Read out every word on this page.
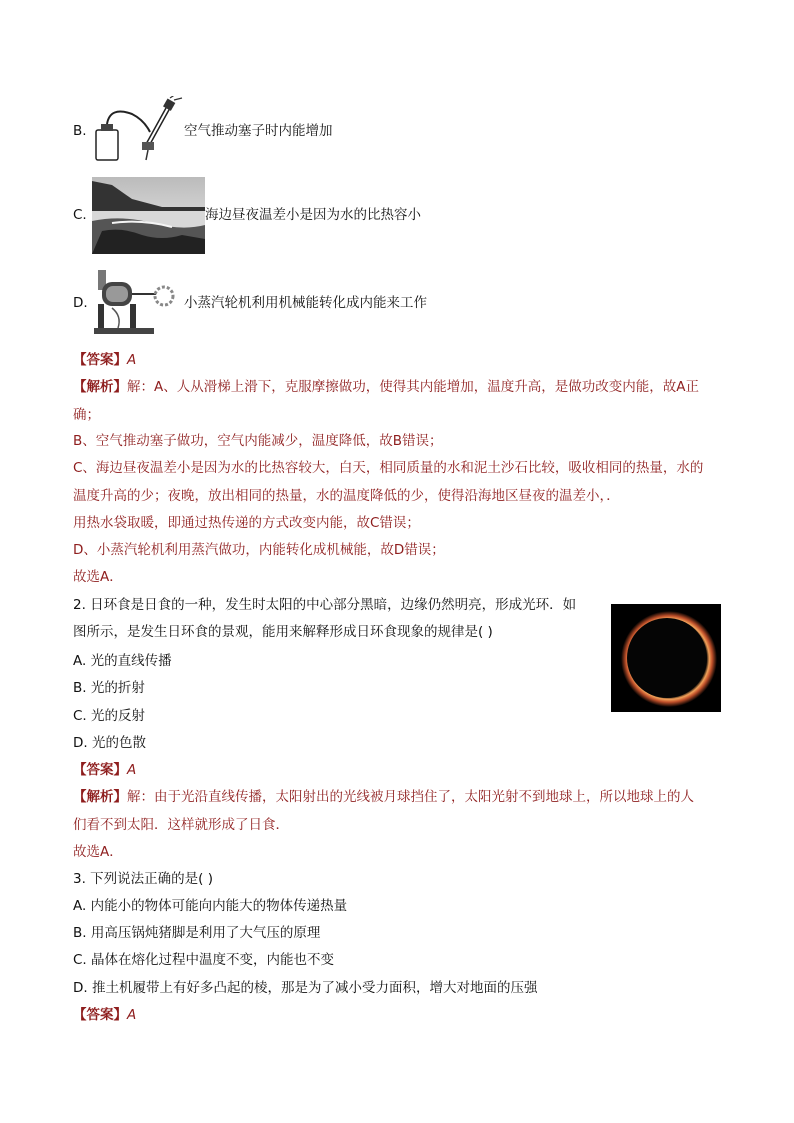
B.	空气推动塞子时内能增加
C.	海边昼夜温差小是因为水的比热容小
D.	小蒸汽轮机利用机械能转化成内能来工作
【答案】A
【解析】解：A、人从滑梯上滑下，克服摩擦做功，使得其内能增加，温度升高，是做功改变内能，故A正
确；
B、空气推动塞子做功，空气内能减少，温度降低，故B错误；
C、海边昼夜温差小是因为水的比热容较大，白天，相同质量的水和泥土沙石比较，吸收相同的热量，水的
温度升高的少；夜晚，放出相同的热量，水的温度降低的少，使得沿海地区昼夜的温差小，．
用热水袋取暖，即通过热传递的方式改变内能，故C错误；
D、小蒸汽轮机利用蒸汽做功，内能转化成机械能，故D错误；
故选A．
2. 日环食是日食的一种，发生时太阳的中心部分黑暗，边缘仍然明亮，形成光环．如
图所示，是发生日环食的景观，能用来解释形成日环食现象的规律是( )
A. 光的直线传播
B. 光的折射
C. 光的反射
D. 光的色散
【答案】A
【解析】解：由于光沿直线传播，太阳射出的光线被月球挡住了，太阳光射不到地球上，所以地球上的人
们看不到太阳．这样就形成了日食．
故选A．
3. 下列说法正确的是( )
A. 内能小的物体可能向内能大的物体传递热量
B. 用高压锅炖猪脚是利用了大气压的原理
C. 晶体在熔化过程中温度不变，内能也不变
D. 推土机履带上有好多凸起的棱，那是为了减小受力面积，增大对地面的压强
【答案】A
